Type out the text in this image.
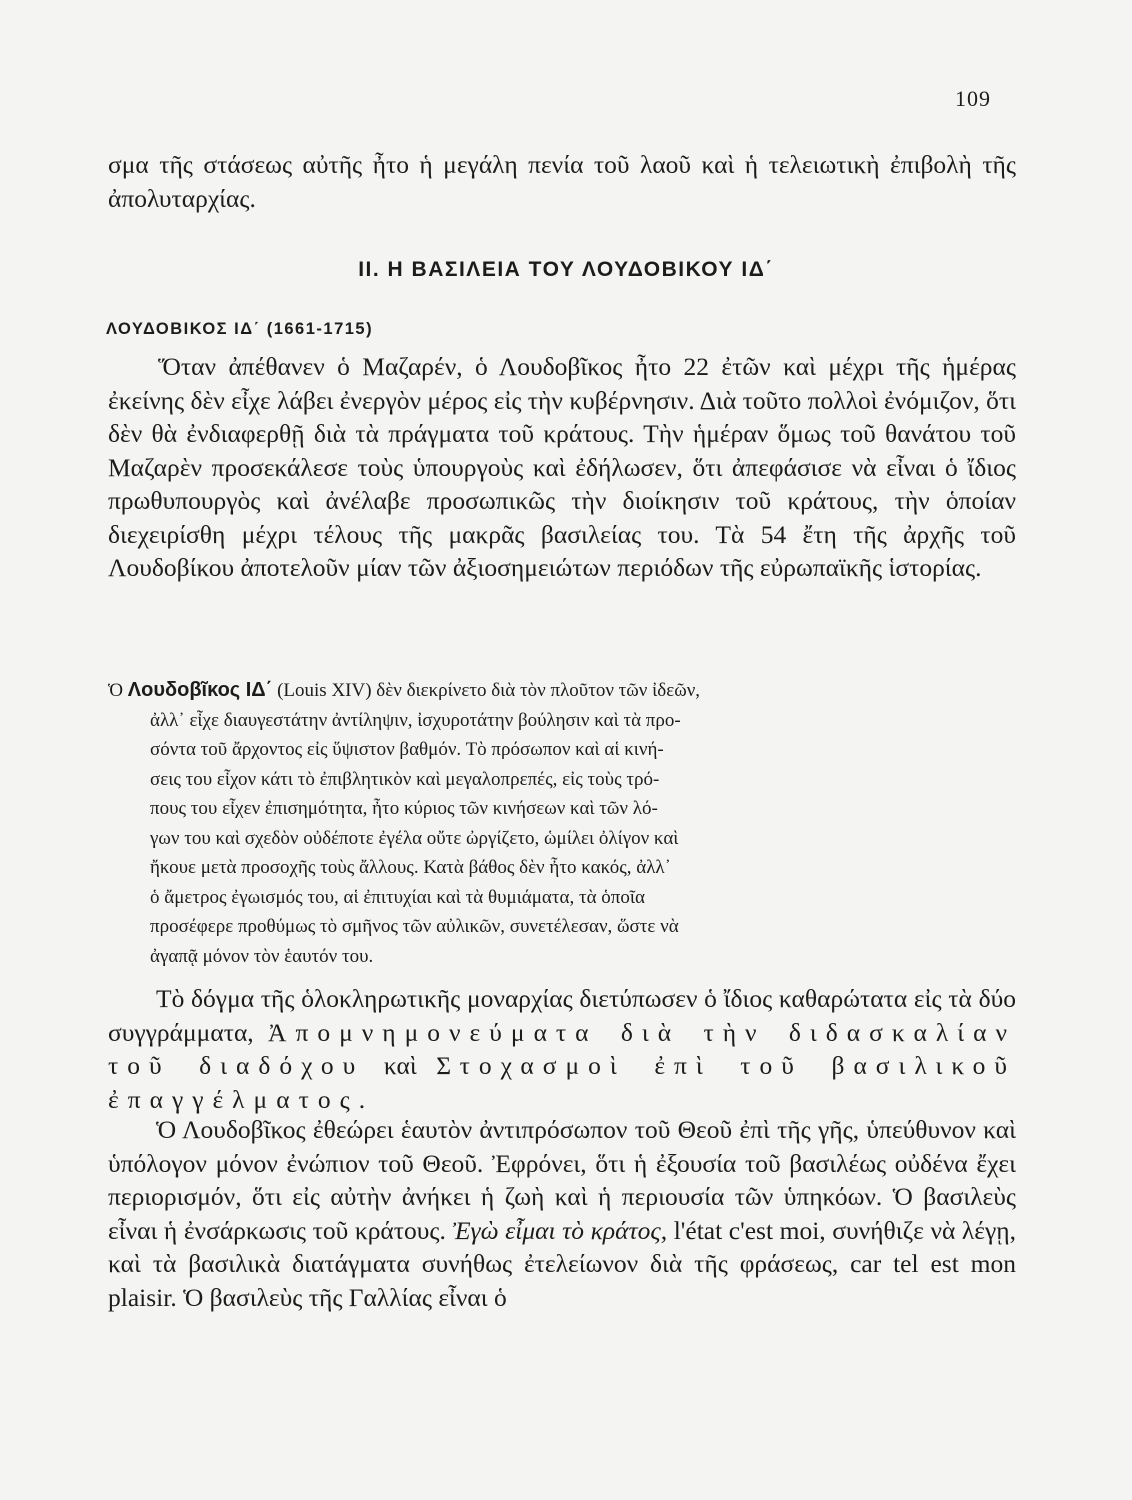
109

σμα τῆς στάσεως αὐτῆς ἦτο ἡ μεγάλη πενία τοῦ λαοῦ καὶ ἡ τελειωτικὴ ἐπιβολὴ τῆς ἀπολυταρχίας.

II. Η ΒΑΣΙΛΕΙΑ ΤΟΥ ΛΟΥΔΟΒΙΚΟΥ ΙΔ΄
ΛΟΥΔΟΒΙΚΟΣ ΙΔ΄ (1661-1715)

Ὅταν ἀπέθανεν ὁ Μαζαρέν, ὁ Λουδοβῖκος ἦτο 22 ἐτῶν καὶ μέχρι τῆς ἡμέρας ἐκείνης δὲν εἶχε λάβει ἐνεργὸν μέρος εἰς τὴν κυβέρνησιν. Διὰ τοῦτο πολλοὶ ἐνόμιζον, ὅτι δὲν θὰ ἐνδιαφερθῇ διὰ τὰ πράγματα τοῦ κράτους. Τὴν ἡμέραν ὅμως τοῦ θανάτου τοῦ Μαζαρὲν προσεκάλεσε τοὺς ὑπουργοὺς καὶ ἐδήλωσεν, ὅτι ἀπεφάσισε νὰ εἶναι ὁ ἴδιος πρωθυπουργὸς καὶ ἀνέλαβε προσωπικῶς τὴν διοίκησιν τοῦ κράτους, τὴν ὁποίαν διεχειρίσθη μέχρι τέλους τῆς μακρᾶς βασιλείας του. Τὰ 54 ἔτη τῆς ἀρχῆς τοῦ Λουδοβίκου ἀποτελοῦν μίαν τῶν ἀξιοσημειώτων περιόδων τῆς εὐρωπαϊκῆς ἱστορίας.

Ὁ Λουδοβῖκος ΙΔ΄ (Louis XIV) δὲν διεκρίνετο διὰ τὸν πλοῦτον τῶν ἰδεῶν,
ἀλλ᾽ εἶχε διαυγεστάτην ἀντίληψιν, ἰσχυροτάτην βούλησιν καὶ τὰ προ-
σόντα τοῦ ἄρχοντος εἰς ὕψιστον βαθμόν. Τὸ πρόσωπον καὶ αἱ κινή-
σεις του εἶχον κάτι τὸ ἐπιβλητικὸν καὶ μεγαλοπρεπές, εἰς τοὺς τρό-
πους του εἶχεν ἐπισημότητα, ἦτο κύριος τῶν κινήσεων καὶ τῶν λό-
γων του καὶ σχεδὸν οὐδέποτε ἐγέλα οὔτε ὠργίζετο, ὡμίλει ὀλίγον καὶ
ἤκουε μετὰ προσοχῆς τοὺς ἄλλους. Κατὰ βάθος δὲν ἦτο κακός, ἀλλ᾽
ὁ ἄμετρος ἐγωισμός του, αἱ ἐπιτυχίαι καὶ τὰ θυμιάματα, τὰ ὁποῖα
προσέφερε προθύμως τὸ σμῆνος τῶν αὐλικῶν, συνετέλεσαν, ὥστε νὰ
ἀγαπᾷ μόνον τὸν ἑαυτόν του.

Τὸ δόγμα τῆς ὁλοκληρωτικῆς μοναρχίας διετύπωσεν ὁ ἴδιος καθαρώτατα εἰς τὰ δύο συγγράμματα, Ἀπομνημονεύματα διὰ τὴν διδασκαλίαν τοῦ διαδόχου καὶ Στοχασμοὶ ἐπὶ τοῦ βασιλικοῦ ἐπαγγέλματος.

Ὁ Λουδοβῖκος ἐθεώρει ἑαυτὸν ἀντιπρόσωπον τοῦ Θεοῦ ἐπὶ τῆς γῆς, ὑπεύθυνον καὶ ὑπόλογον μόνον ἐνώπιον τοῦ Θεοῦ. Ἐφρόνει, ὅτι ἡ ἐξουσία τοῦ βασιλέως οὐδένα ἔχει περιορισμόν, ὅτι εἰς αὐτὴν ἀνήκει ἡ ζωὴ καὶ ἡ περιουσία τῶν ὑπηκόων. Ὁ βασιλεὺς εἶναι ἡ ἐνσάρκωσις τοῦ κράτους. Ἐγὼ εἶμαι τὸ κράτος, l'état c'est moi, συνήθιζε νὰ λέγῃ, καὶ τὰ βασιλικὰ διατάγματα συνήθως ἐτελείωνον διὰ τῆς φράσεως, car tel est mon plaisir. Ὁ βασιλεὺς τῆς Γαλλίας εἶναι ὁ
